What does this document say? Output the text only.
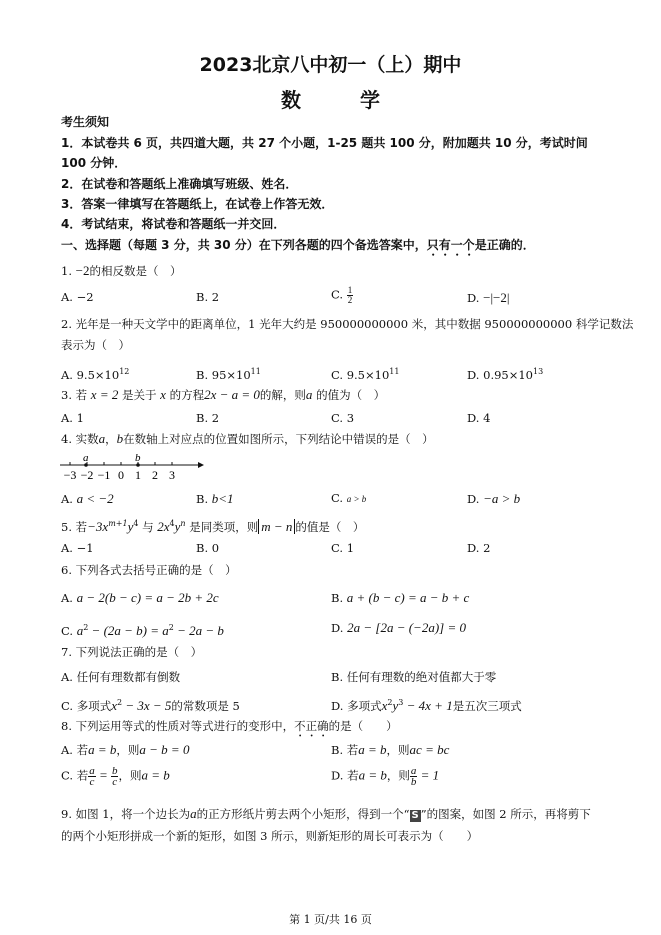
2023北京八中初一（上）期中
数 学
考生须知
1．本试卷共 6 页，共四道大题，共 27 个小题，1-25 题共 100 分，附加题共 10 分，考试时间
100 分钟．
2．在试卷和答题纸上准确填写班级、姓名．
3．答案一律填写在答题纸上，在试卷上作答无效．
4．考试结束，将试卷和答题纸一并交回．
一、选择题（每题 3 分，共 30 分）在下列各题的四个备选答案中，只有一个是正确的．
1. −2的相反数是（　）
A. −2	B. 2	C. $\frac{1}{2}$	D. −|−2|
2. 光年是一种天文学中的距离单位，1 光年大约是 950000000000 米，其中数据 950000000000 科学记数法
表示为（　）
A. $9.5\times 10^{12}$	B. $95\times 10^{11}$	C. $9.5\times 10^{11}$	D. $0.95\times 10^{13}$
3. 若 x = 2 是关于 x 的方程2x − a = 0的解，则a 的值为（　）
A. 1	B. 2	C. 3	D. 4
4. 实数a，b在数轴上对应点的位置如图所示，下列结论中错误的是（　）
−3 −2 −1 0 1 2 3
a	b
A. a < −2	B. b<1	C. a > b	D. −a > b
5. 若$-3x^{m+1}y^4$ 与 $2x^4y^n$ 是同类项，则 m − n 的值是（　）
A. −1	B. 0	C. 1	D. 2
6. 下列各式去括号正确的是（　）
A. a − 2(b − c) = a − 2b + 2c	B. a + (b − c) = a − b + c
C. $a^2 - (2a - b) = a^2 - 2a - b$	D. 2a − [2a − (−2a)] = 0
7. 下列说法正确的是（　）
A. 任何有理数都有倒数	B. 任何有理数的绝对值都大于零
C. 多项式$x^2 - 3x - 5$的常数项是 5	D. 多项式$x^2y^3 - 4x + 1$是五次三项式
8. 下列运用等式的性质对等式进行的变形中，不正确的是（　　）
A. 若a = b，则a − b = 0	B. 若a = b，则ac = bc
C. 若 $\frac{a}{c} = \frac{b}{c}$ ，则a = b	D. 若a = b，则 $\frac{a}{b} = 1$
9. 如图 1，将一个边长为a的正方形纸片剪去两个小矩形，得到一个“ S ”的图案，如图 2 所示，再将剪下
的两个小矩形拼成一个新的矩形，如图 3 所示，则新矩形的周长可表示为（　　）
第 1 页/共 16 页
